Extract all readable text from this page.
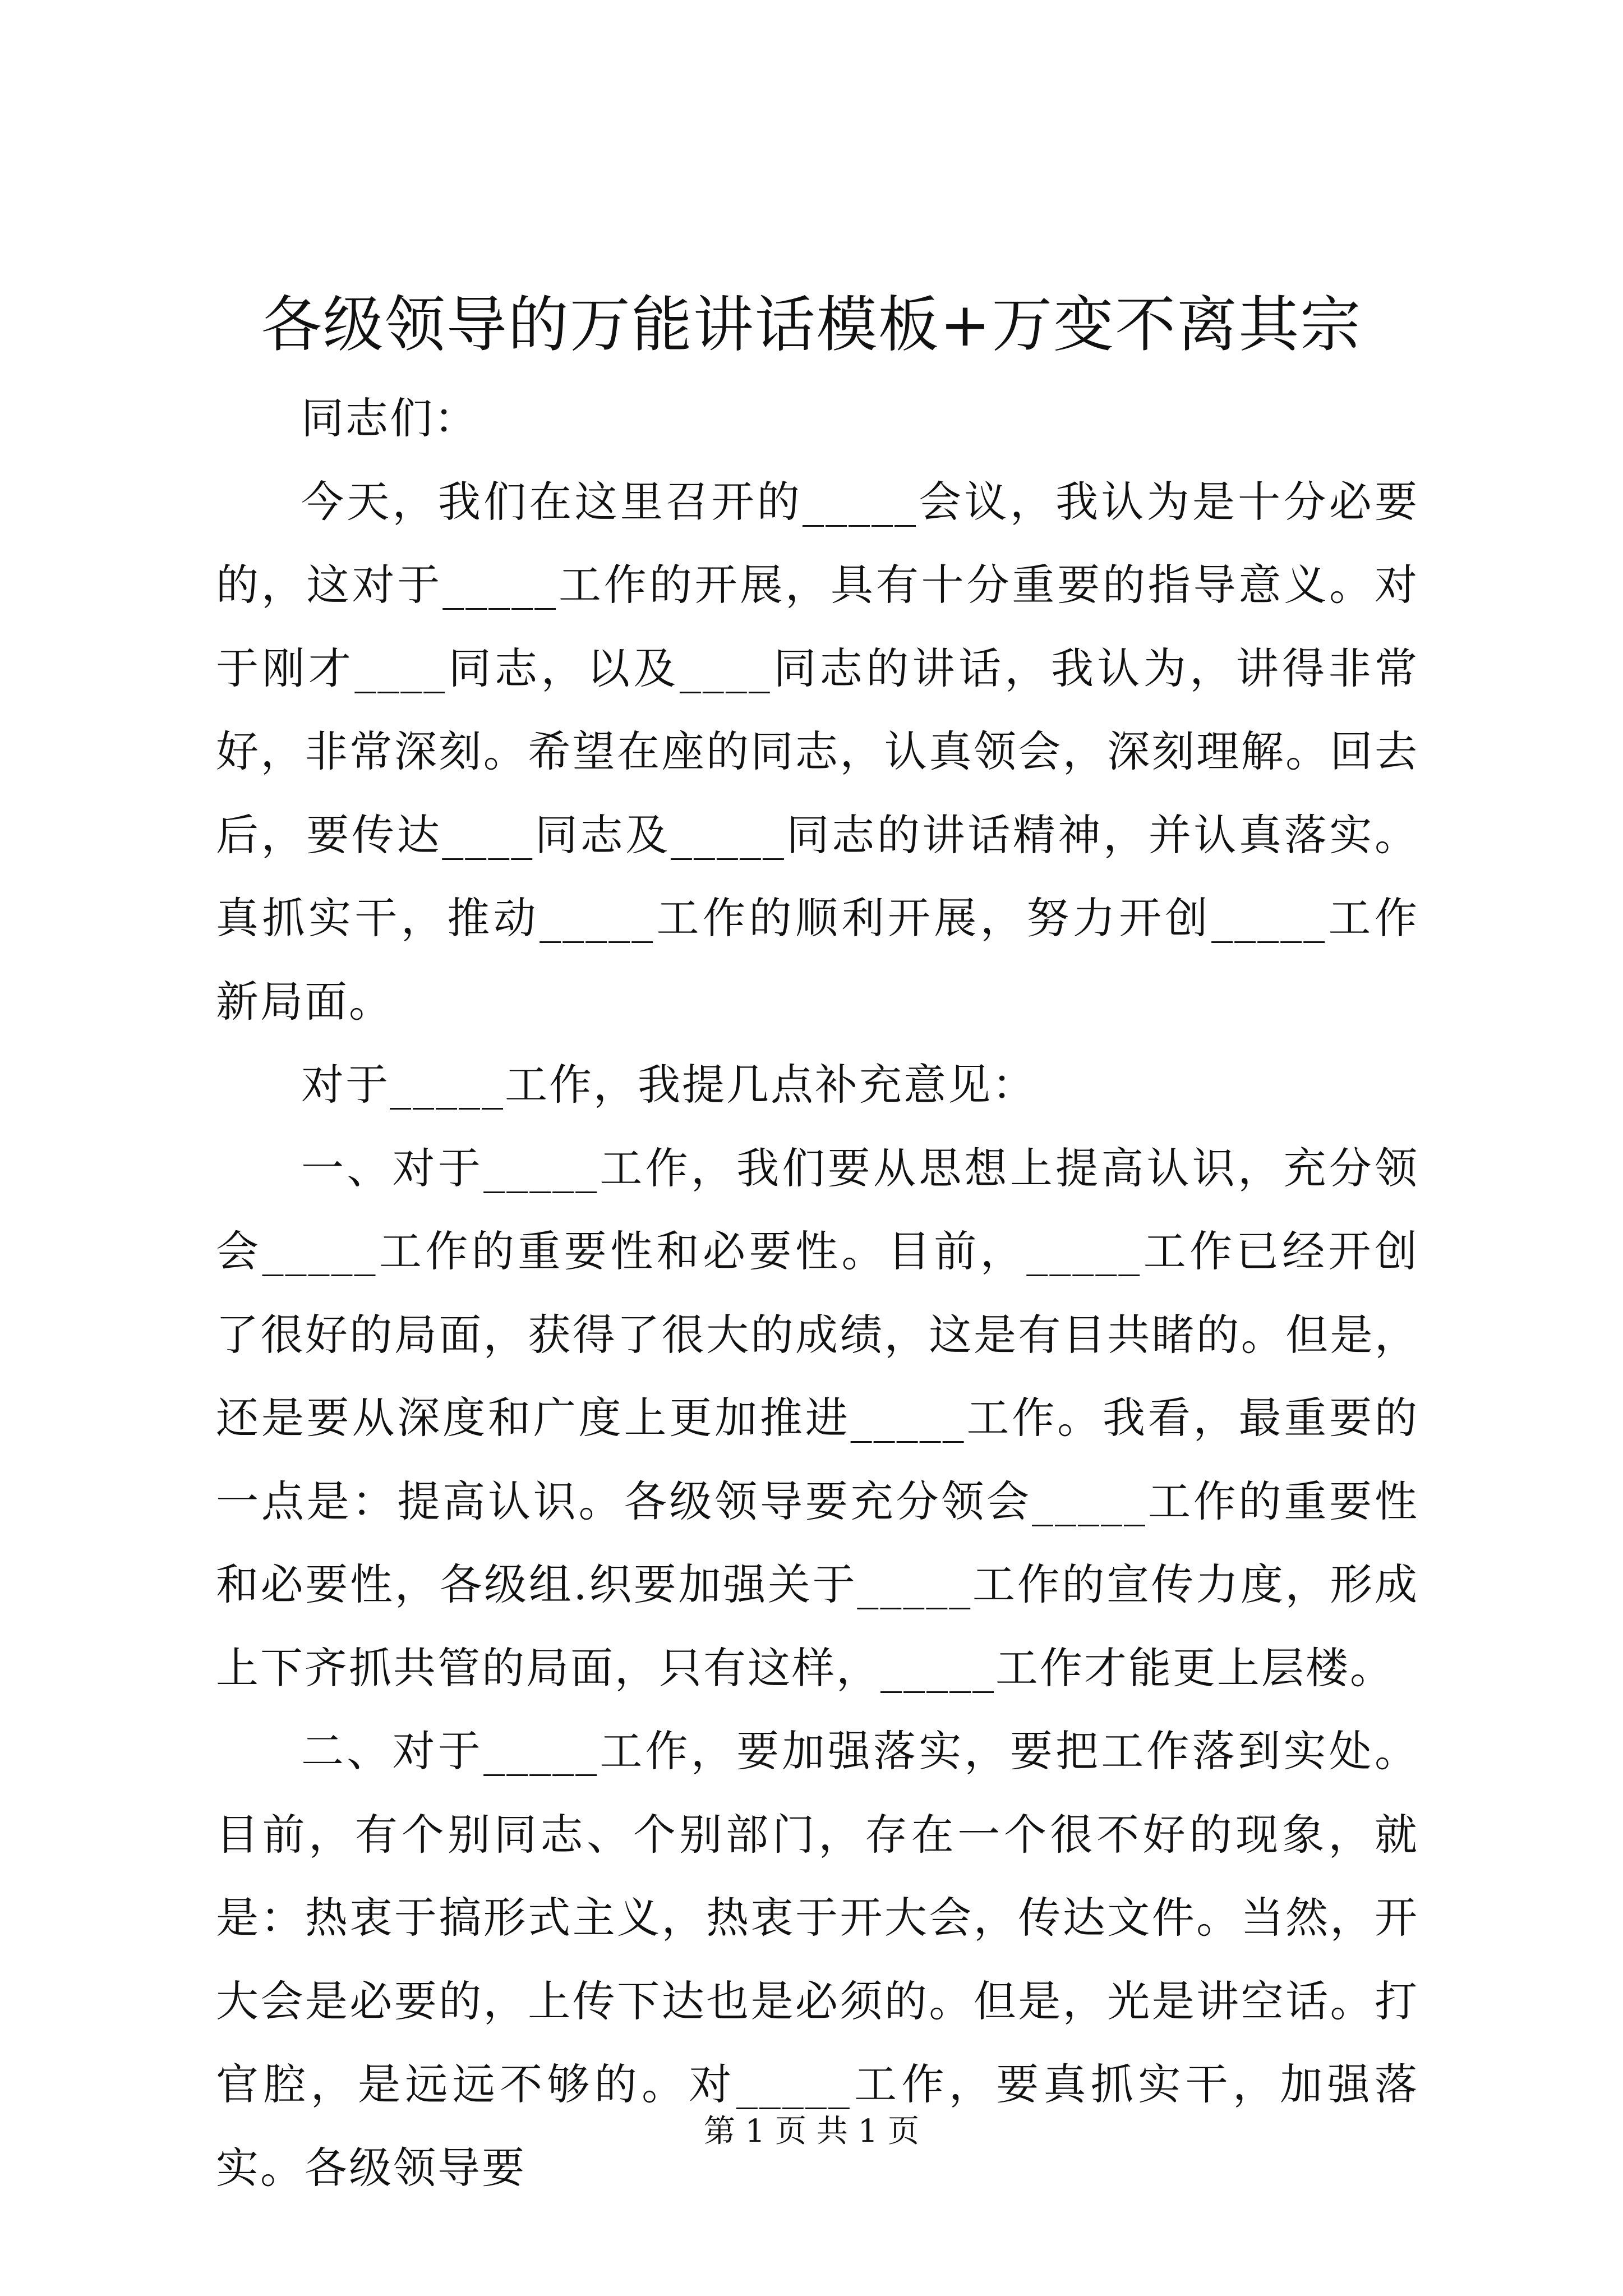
各级领导的万能讲话模板+万变不离其宗

同志们：

今天，我们在这里召开的_____会议，我认为是十分必要的，这对于_____工作的开展，具有十分重要的指导意义。对于刚才____同志，以及____同志的讲话，我认为，讲得非常好，非常深刻。希望在座的同志，认真领会，深刻理解。回去后，要传达____同志及_____同志的讲话精神，并认真落实。真抓实干，推动_____工作的顺利开展，努力开创_____工作新局面。

对于_____工作，我提几点补充意见：

一、对于_____工作，我们要从思想上提高认识，充分领会_____工作的重要性和必要性。目前，_____工作已经开创了很好的局面，获得了很大的成绩，这是有目共睹的。但是，还是要从深度和广度上更加推进_____工作。我看，最重要的一点是：提高认识。各级领导要充分领会_____工作的重要性和必要性，各级组.织要加强关于_____工作的宣传力度，形成上下齐抓共管的局面，只有这样，_____工作才能更上层楼。

二、对于_____工作，要加强落实，要把工作落到实处。目前，有个别同志、个别部门，存在一个很不好的现象，就是：热衷于搞形式主义，热衷于开大会，传达文件。当然，开大会是必要的，上传下达也是必须的。但是，光是讲空话。打官腔，是远远不够的。对_____工作，要真抓实干，加强落实。各级领导要

第 1 页 共 1 页
